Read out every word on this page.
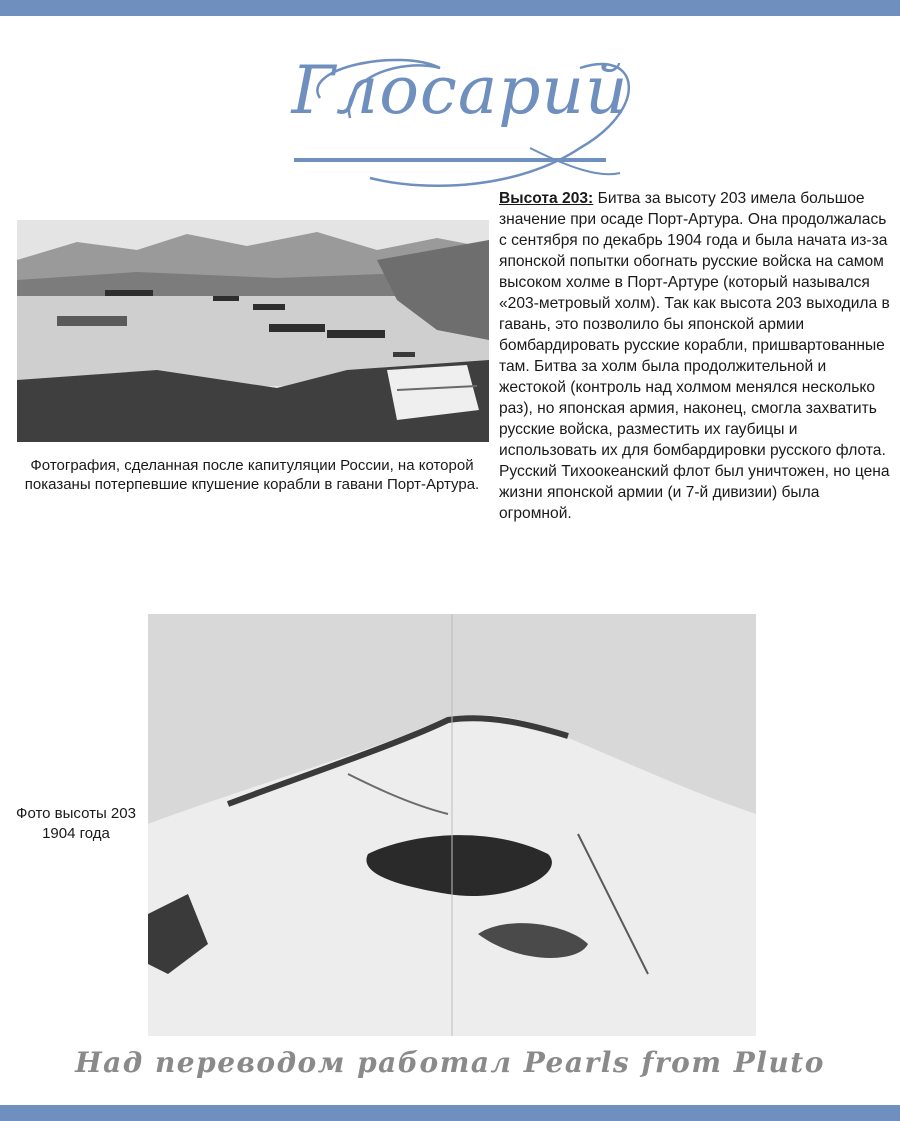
Глосарий
Фотография, сделанная после капитуляции России, на которой показаны потерпевшие кпушение корабли в гавани Порт-Артура.
Высота 203: Битва за высоту 203 имела большое значение при осаде Порт-Артура. Она продолжалась с сентября по декабрь 1904 года и была начата из-за японской попытки обогнать русские войска на самом высоком холме в Порт-Артуре (который назывался «203-метровый холм). Так как высота 203 выходила в гавань, это позволило бы японской армии бомбардировать русские корабли, пришвартованные там. Битва за холм была продолжительной и жестокой (контроль над холмом менялся несколько раз), но японская армия, наконец, смогла захватить русские войска, разместить их гаубицы и использовать их для бомбардировки русского флота. Русский Тихоокеанский флот был уничтожен, но цена жизни японской армии (и 7-й дивизии) была огромной.
Фото высоты 203
1904 года
Над переводом работал Pearls from Pluto
